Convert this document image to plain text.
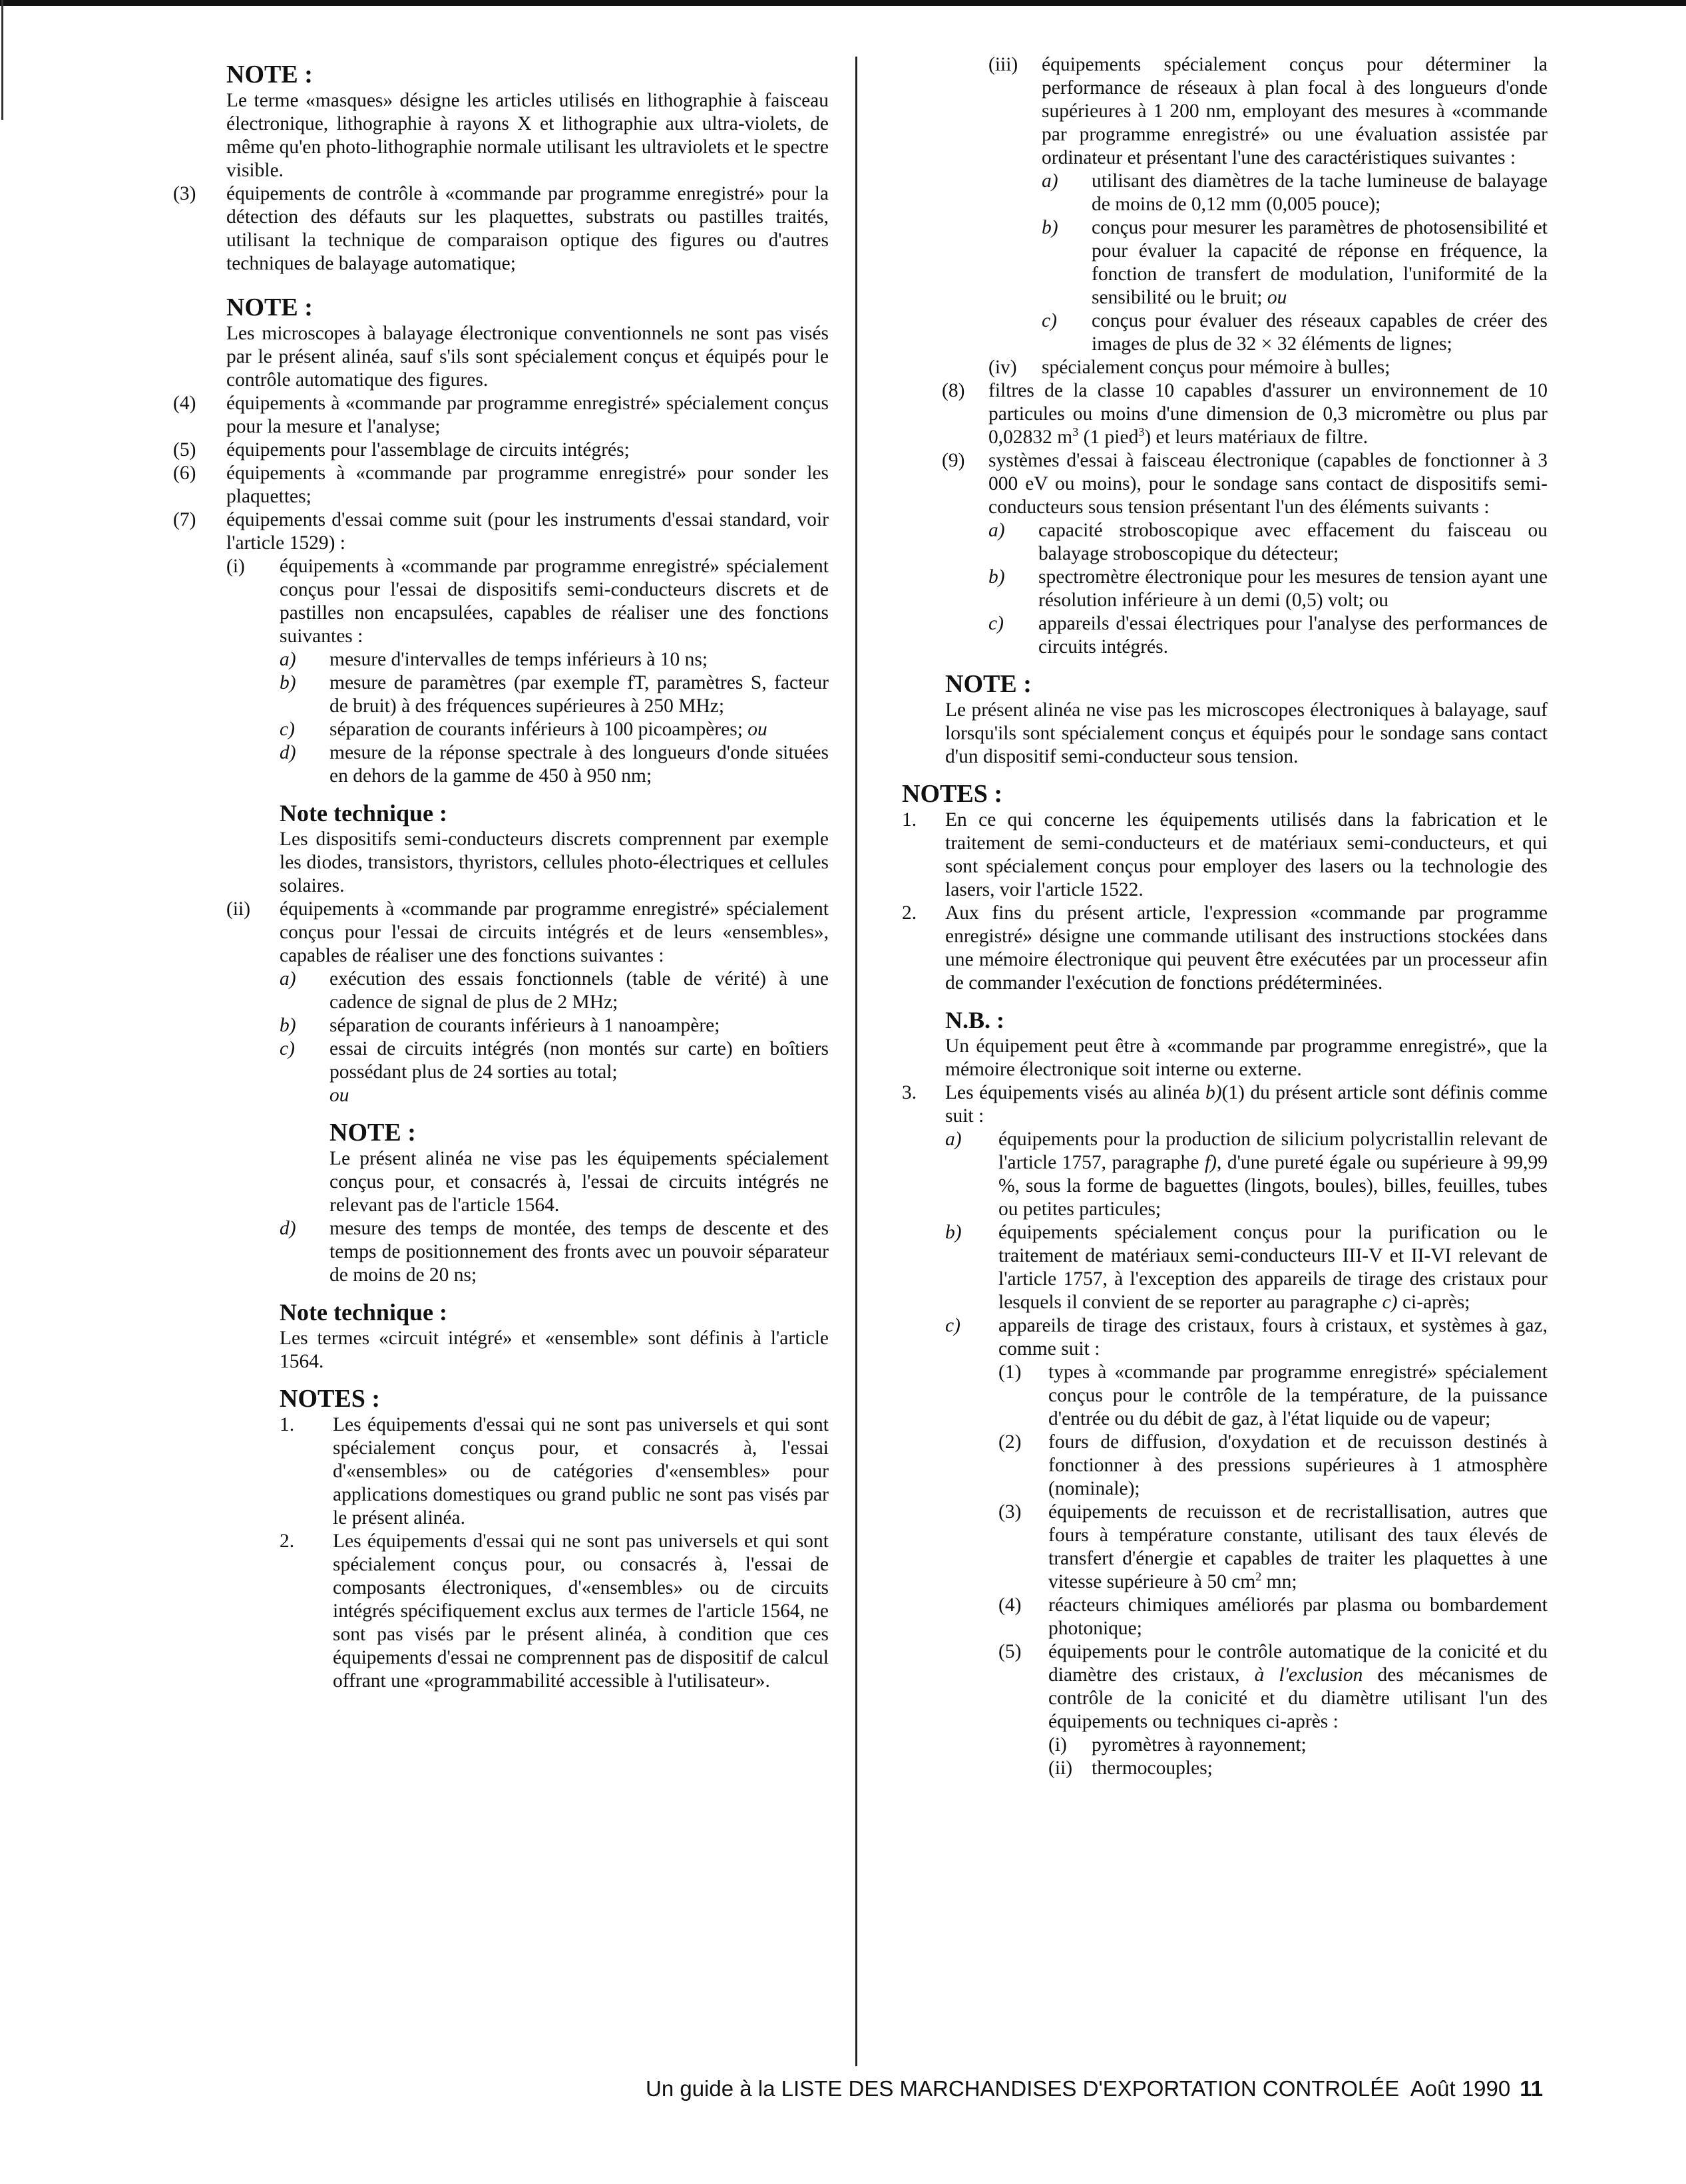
NOTE :
Le terme «masques» désigne les articles utilisés en lithographie à faisceau électronique, lithographie à rayons X et lithographie aux ultra-violets, de même qu'en photo-lithographie normale utilisant les ultraviolets et le spectre visible.
(3)	équipements de contrôle à «commande par programme enregistré» pour la détection des défauts sur les plaquettes, substrats ou pastilles traités, utilisant la technique de comparaison optique des figures ou d'autres techniques de balayage automatique;
NOTE :
Les microscopes à balayage électronique conventionnels ne sont pas visés par le présent alinéa, sauf s'ils sont spécialement conçus et équipés pour le contrôle automatique des figures.
(4)	équipements à «commande par programme enregistré» spécialement conçus pour la mesure et l'analyse;
(5)	équipements pour l'assemblage de circuits intégrés;
(6)	équipements à «commande par programme enregistré» pour sonder les plaquettes;
(7)	équipements d'essai comme suit (pour les instruments d'essai standard, voir l'article 1529) :
(i)	équipements à «commande par programme enregistré» spécialement conçus pour l'essai de dispositifs semi-conducteurs discrets et de pastilles non encapsulées, capables de réaliser une des fonctions suivantes :
a)	mesure d'intervalles de temps inférieurs à 10 ns;
b)	mesure de paramètres (par exemple fT, paramètres S, facteur de bruit) à des fréquences supérieures à 250 MHz;
c)	séparation de courants inférieurs à 100 picoampères; ou
d)	mesure de la réponse spectrale à des longueurs d'onde situées en dehors de la gamme de 450 à 950 nm;
Note technique :
Les dispositifs semi-conducteurs discrets comprennent par exemple les diodes, transistors, thyristors, cellules photo-électriques et cellules solaires.
(ii)	équipements à «commande par programme enregistré» spécialement conçus pour l'essai de circuits intégrés et de leurs «ensembles», capables de réaliser une des fonctions suivantes :
a)	exécution des essais fonctionnels (table de vérité) à une cadence de signal de plus de 2 MHz;
b)	séparation de courants inférieurs à 1 nanoampère;
c)	essai de circuits intégrés (non montés sur carte) en boîtiers possédant plus de 24 sorties au total;
ou
NOTE :
Le présent alinéa ne vise pas les équipements spécialement conçus pour, et consacrés à, l'essai de circuits intégrés ne relevant pas de l'article 1564.
d)	mesure des temps de montée, des temps de descente et des temps de positionnement des fronts avec un pouvoir séparateur de moins de 20 ns;
Note technique :
Les termes «circuit intégré» et «ensemble» sont définis à l'article 1564.
NOTES :
1.	Les équipements d'essai qui ne sont pas universels et qui sont spécialement conçus pour, et consacrés à, l'essai d'«ensembles» ou de catégories d'«ensembles» pour applications domestiques ou grand public ne sont pas visés par le présent alinéa.
2.	Les équipements d'essai qui ne sont pas universels et qui sont spécialement conçus pour, ou consacrés à, l'essai de composants électroniques, d'«ensembles» ou de circuits intégrés spécifiquement exclus aux termes de l'article 1564, ne sont pas visés par le présent alinéa, à condition que ces équipements d'essai ne comprennent pas de dispositif de calcul offrant une «programmabilité accessible à l'utilisateur».
(iii)	équipements spécialement conçus pour déterminer la performance de réseaux à plan focal à des longueurs d'onde supérieures à 1 200 nm, employant des mesures à «commande par programme enregistré» ou une évaluation assistée par ordinateur et présentant l'une des caractéristiques suivantes :
a)	utilisant des diamètres de la tache lumineuse de balayage de moins de 0,12 mm (0,005 pouce);
b)	conçus pour mesurer les paramètres de photosensibilité et pour évaluer la capacité de réponse en fréquence, la fonction de transfert de modulation, l'uniformité de la sensibilité ou le bruit; ou
c)	conçus pour évaluer des réseaux capables de créer des images de plus de 32 × 32 éléments de lignes;
(iv)	spécialement conçus pour mémoire à bulles;
(8)	filtres de la classe 10 capables d'assurer un environnement de 10 particules ou moins d'une dimension de 0,3 micromètre ou plus par 0,02832 $m^3$ (1 pied$^3$) et leurs matériaux de filtre.
(9)	systèmes d'essai à faisceau électronique (capables de fonctionner à 3 000 eV ou moins), pour le sondage sans contact de dispositifs semi-conducteurs sous tension présentant l'un des éléments suivants :
a)	capacité stroboscopique avec effacement du faisceau ou balayage stroboscopique du détecteur;
b)	spectromètre électronique pour les mesures de tension ayant une résolution inférieure à un demi (0,5) volt; ou
c)	appareils d'essai électriques pour l'analyse des performances de circuits intégrés.
NOTE :
Le présent alinéa ne vise pas les microscopes électroniques à balayage, sauf lorsqu'ils sont spécialement conçus et équipés pour le sondage sans contact d'un dispositif semi-conducteur sous tension.
NOTES :
1.	En ce qui concerne les équipements utilisés dans la fabrication et le traitement de semi-conducteurs et de matériaux semi-conducteurs, et qui sont spécialement conçus pour employer des lasers ou la technologie des lasers, voir l'article 1522.
2.	Aux fins du présent article, l'expression «commande par programme enregistré» désigne une commande utilisant des instructions stockées dans une mémoire électronique qui peuvent être exécutées par un processeur afin de commander l'exécution de fonctions prédéterminées.
N.B. :
Un équipement peut être à «commande par programme enregistré», que la mémoire électronique soit interne ou externe.
3.	Les équipements visés au alinéa b)(1) du présent article sont définis comme suit :
a)	équipements pour la production de silicium polycristallin relevant de l'article 1757, paragraphe f), d'une pureté égale ou supérieure à 99,99 %, sous la forme de baguettes (lingots, boules), billes, feuilles, tubes ou petites particules;
b)	équipements spécialement conçus pour la purification ou le traitement de matériaux semi-conducteurs III-V et II-VI relevant de l'article 1757, à l'exception des appareils de tirage des cristaux pour lesquels il convient de se reporter au paragraphe c) ci-après;
c)	appareils de tirage des cristaux, fours à cristaux, et systèmes à gaz, comme suit :
(1)	types à «commande par programme enregistré» spécialement conçus pour le contrôle de la température, de la puissance d'entrée ou du débit de gaz, à l'état liquide ou de vapeur;
(2)	fours de diffusion, d'oxydation et de recuisson destinés à fonctionner à des pressions supérieures à 1 atmosphère (nominale);
(3)	équipements de recuisson et de recristallisation, autres que fours à température constante, utilisant des taux élevés de transfert d'énergie et capables de traiter les plaquettes à une vitesse supérieure à 50 $cm^2$ mn;
(4)	réacteurs chimiques améliorés par plasma ou bombardement photonique;
(5)	équipements pour le contrôle automatique de la conicité et du diamètre des cristaux, à l'exclusion des mécanismes de contrôle de la conicité et du diamètre utilisant l'un des équipements ou techniques ci-après :
(i)	pyromètres à rayonnement;
(ii) thermocouples;
Un guide à la LISTE DES MARCHANDISES D'EXPORTATION CONTROLÉE  Août 1990 11
